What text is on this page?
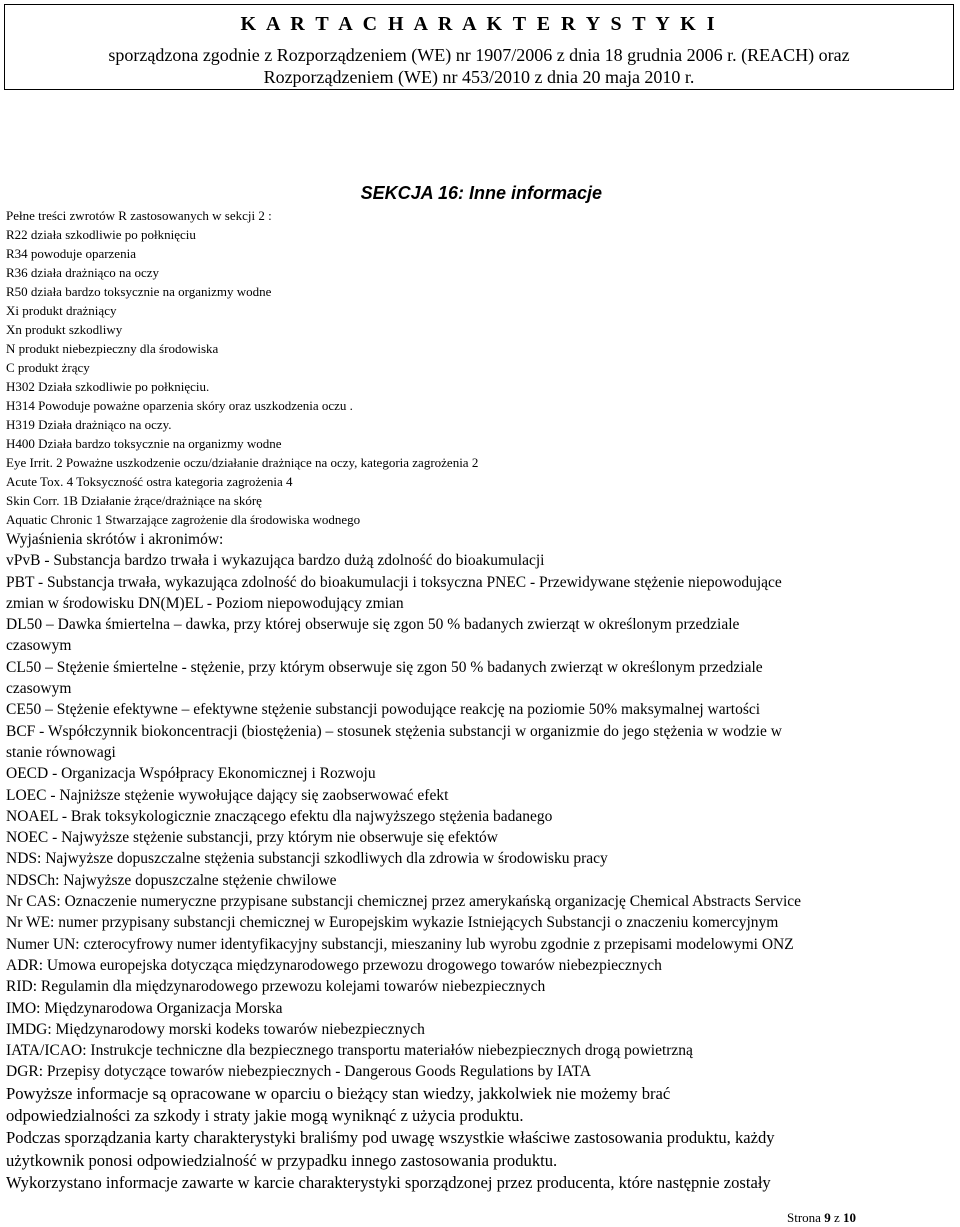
K A R T A C H A R A K T E R Y S T Y K I
sporządzona zgodnie z Rozporządzeniem (WE) nr 1907/2006 z dnia 18 grudnia 2006 r. (REACH) oraz
Rozporządzeniem (WE) nr 453/2010 z dnia 20 maja 2010 r.
SEKCJA 16: Inne informacje
Pełne treści zwrotów R zastosowanych w sekcji 2 :
R22 działa szkodliwie po połknięciu
R34 powoduje oparzenia
R36 działa drażniąco na oczy
R50 działa bardzo toksycznie na organizmy wodne
Xi produkt drażniący
Xn produkt szkodliwy
N produkt niebezpieczny dla środowiska
C produkt żrący
H302 Działa szkodliwie po połknięciu.
H314 Powoduje poważne oparzenia skóry oraz uszkodzenia oczu .
H319 Działa drażniąco na oczy.
H400 Działa bardzo toksycznie na organizmy wodne
Eye Irrit. 2 Poważne uszkodzenie oczu/działanie drażniące na oczy, kategoria zagrożenia 2
Acute Tox. 4 Toksyczność ostra kategoria zagrożenia 4
Skin Corr. 1B Działanie żrące/drażniące na skórę
Aquatic Chronic 1 Stwarzające zagrożenie dla środowiska wodnego
Wyjaśnienia skrótów i akronimów:
vPvB - Substancja bardzo trwała i wykazująca bardzo dużą zdolność do bioakumulacji
PBT - Substancja trwała, wykazująca zdolność do bioakumulacji i toksyczna PNEC - Przewidywane stężenie niepowodujące
zmian w środowisku DN(M)EL - Poziom niepowodujący zmian
DL50 – Dawka śmiertelna – dawka, przy której obserwuje się zgon 50 % badanych zwierząt w określonym przedziale
czasowym
CL50 – Stężenie śmiertelne - stężenie, przy którym obserwuje się zgon 50 % badanych zwierząt w określonym przedziale
czasowym
CE50 – Stężenie efektywne – efektywne stężenie substancji powodujące reakcję na poziomie 50% maksymalnej wartości
BCF - Współczynnik biokoncentracji (biostężenia) – stosunek stężenia substancji w organizmie do jego stężenia w wodzie w
stanie równowagi
OECD - Organizacja Współpracy Ekonomicznej i Rozwoju
LOEC - Najniższe stężenie wywołujące dający się zaobserwować efekt
NOAEL - Brak toksykologicznie znaczącego efektu dla najwyższego stężenia badanego
NOEC - Najwyższe stężenie substancji, przy którym nie obserwuje się efektów
NDS: Najwyższe dopuszczalne stężenia substancji szkodliwych dla zdrowia w środowisku pracy
NDSCh: Najwyższe dopuszczalne stężenie chwilowe
Nr CAS: Oznaczenie numeryczne przypisane substancji chemicznej przez amerykańską organizację Chemical Abstracts Service
Nr WE: numer przypisany substancji chemicznej w Europejskim wykazie Istniejących Substancji o znaczeniu komercyjnym
Numer UN: czterocyfrowy numer identyfikacyjny substancji, mieszaniny lub wyrobu zgodnie z przepisami modelowymi ONZ
ADR: Umowa europejska dotycząca międzynarodowego przewozu drogowego towarów niebezpiecznych
RID: Regulamin dla międzynarodowego przewozu kolejami towarów niebezpiecznych
IMO: Międzynarodowa Organizacja Morska
IMDG: Międzynarodowy morski kodeks towarów niebezpiecznych
IATA/ICAO: Instrukcje techniczne dla bezpiecznego transportu materiałów niebezpiecznych drogą powietrzną
DGR: Przepisy dotyczące towarów niebezpiecznych - Dangerous Goods Regulations by IATA
Powyższe informacje są opracowane w oparciu o bieżący stan wiedzy, jakkolwiek nie możemy brać
odpowiedzialności za szkody i straty jakie mogą wyniknąć z użycia produktu.
Podczas sporządzania karty charakterystyki braliśmy pod uwagę wszystkie właściwe zastosowania produktu, każdy
użytkownik ponosi odpowiedzialność w przypadku innego zastosowania produktu.
Wykorzystano informacje zawarte w karcie charakterystyki sporządzonej przez producenta, które następnie zostały
Strona 9 z 10
